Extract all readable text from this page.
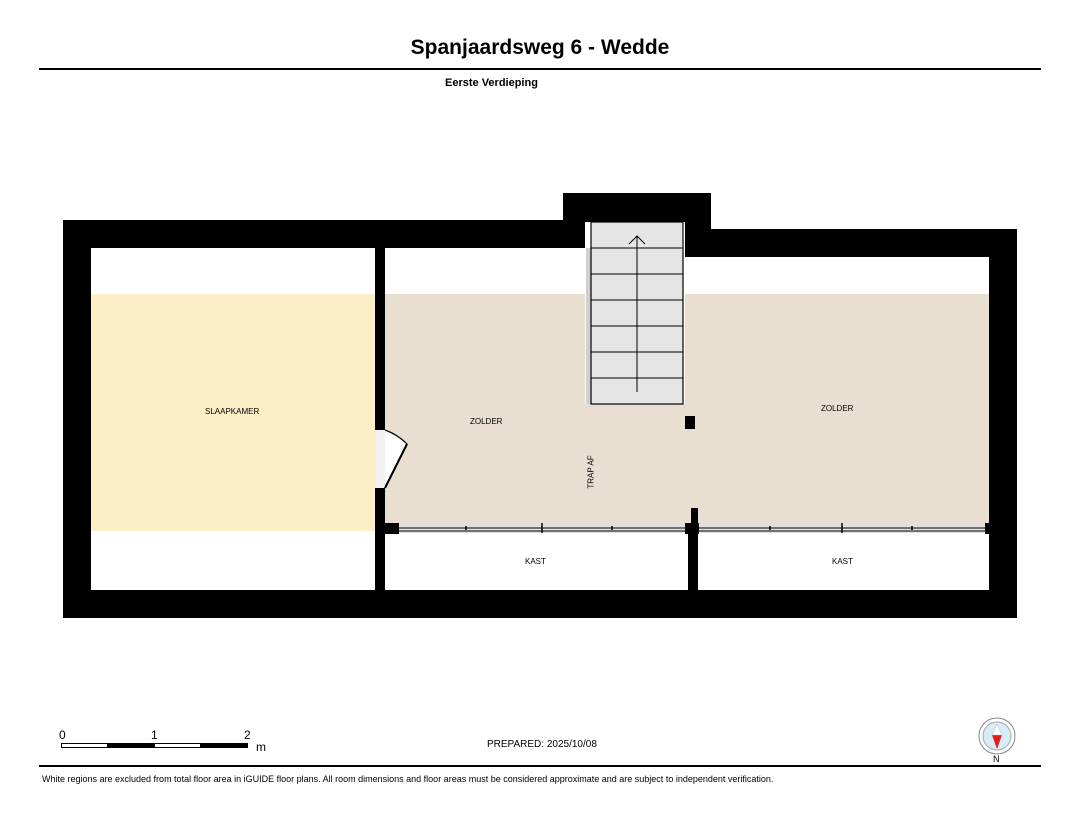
Spanjaardsweg 6 - Wedde
Eerste Verdieping
SLAAPKAMER
ZOLDER
ZOLDER
KAST	KAST
TRAP AF
0	1	2
m	PREPARED: 2025/10/08
N
White regions are excluded from total floor area in iGUIDE floor plans. All room dimensions and floor areas must be considered approximate and are subject to independent verification.
